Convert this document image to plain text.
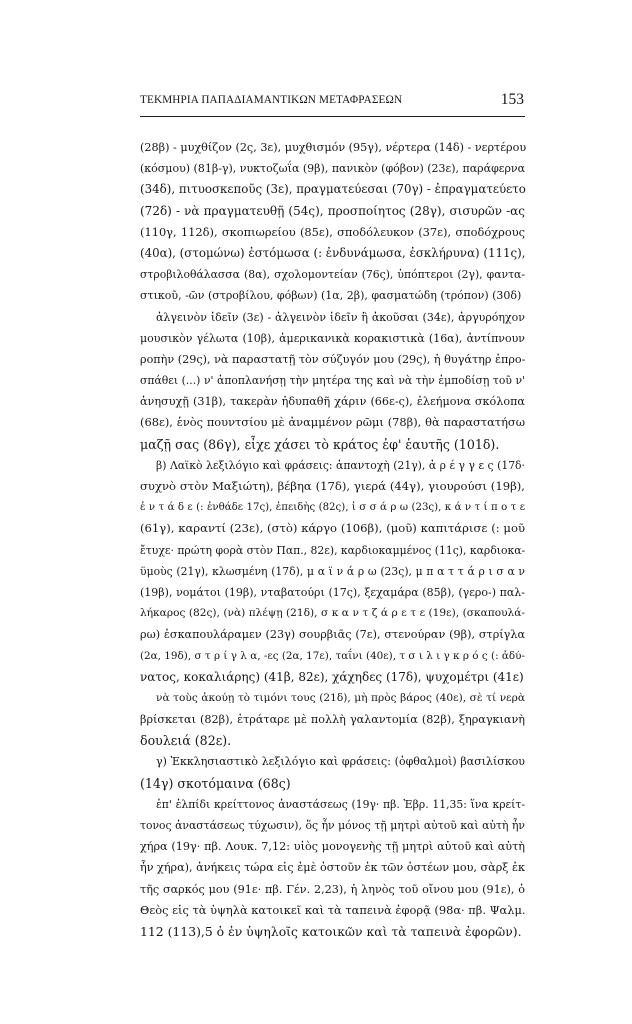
ΤΕΚΜΗΡΙΑ ΠΑΠΑΔΙΑΜΑΝΤΙΚΩΝ ΜΕΤΑΦΡΑΣΕΩΝ	153
(28β) - μυχθίζον (2ς, 3ε), μυχθισμόν (95γ), νέρτερα (14δ) - νερτέρου
(κόσμου) (81β-γ), νυκτοζωΐα (9β), πανικὸν (φόβον) (23ε), παράφερνα
(34δ), πιτυοσκεποῦς (3ε), πραγματεύεσαι (70γ) - ἐπραγματεύετο
(72δ) - νὰ πραγματευθῇ (54ς), προσποίητος (28γ), σισυρῶν -ας
(110γ, 112δ), σκοπιωρείου (85ε), σποδόλευκον (37ε), σποδόχρους
(40α), (στομώνω) ἐστόμωσα (: ἐνδυνάμωσα, ἐσκλήρυνα) (111ς),
στροβιλοθάλασσα (8α), σχολομοντείαν (76ς), ὑπόπτεροι (2γ), φαντα-
στικοῦ, -ῶν (στροβίλου, φόβων) (1α, 2β), φασματώδη (τρόπον) (30δ)
ἀλγεινὸν ἰδεῖν (3ε) - ἀλγεινὸν ἰδεῖν ἢ ἀκοῦσαι (34ε), ἀργυρόηχον
μουσικὸν γέλωτα (10β), ἀμερικανικὰ κορακιστικὰ (16α), ἀντίπνουν
ροπὴν (29ς), νὰ παραστατῇ τὸν σύζυγόν μου (29ς), ἡ θυγάτηρ ἐπρο-
σπάθει (...) ν' ἀποπλανήσῃ τὴν μητέρα της καὶ νὰ τὴν ἐμποδίσῃ τοῦ ν'
ἀνησυχῇ (31β), τακερὰν ἠδυπαθῆ χάριν (66ε-ς), ἐλεήμονα σκόλοπα
(68ε), ἑνὸς πουντσίου μὲ ἀναμμένον ρῶμι (78β), θὰ παραστατήσω
μαζῇ σας (86γ), εἶχε χάσει τὸ κράτος ἐφ' ἑαυτῆς (101δ).
β) Λαϊκὸ λεξιλόγιο καὶ φράσεις: ἀπαντοχὴ (21γ), ἀ ρ έ γ γ ε ς (17δ·
συχνὸ στὸν Μαξιώτη), βέβηα (17δ), γιερά (44γ), γιουρούσι (19β),
ἐ ν τ ά δ ε (: ἐνθάδε 17ς), ἐπειδὴς (82ς), ἰ σ σ ά ρ ω (23ς), κ ά ν τ ί π ο τ ε
(61γ), καραντί (23ε), (στὸ) κάργο (106β), (μοῦ) καπιτάρισε (: μοῦ
ἔτυχε· πρώτη φορὰ στὸν Παπ., 82ε), καρδιοκαμμένος (11ς), καρδιοκα-
ϋμοὺς (21γ), κλωσμένη (17δ), μ α ϊ ν ά ρ ω (23ς), μ π α τ τ ά ρ ι σ α ν
(19β), νομάτοι (19β), νταβατούρι (17ς), ξεχαμάρα (85β), (γερο-) παλ-
λήκαρος (82ς), (νὰ) πλέψῃ (21δ), σ κ α ν τ ζ ά ρ ε τ ε (19ε), (σκαπουλά-
ρω) ἐσκαπουλάραμεν (23γ) σουρβιᾶς (7ε), στενούραν (9β), στρίγλα
(2α, 19δ), σ τ ρ ί γ λ α, -ες (2α, 17ε), ταΐνι (40ε), τ σ ι λ ι γ κ ρ ό ς (: ἀδύ-
νατος, κοκαλιάρης) (41β, 82ε), χάχηδες (17δ), ψυχομέτρι (41ε)
νὰ τοὺς ἀκούῃ τὸ τιμόνι τους (21δ), μὴ πρὸς βάρος (40ε), σὲ τί νερὰ
βρίσκεται (82β), ἐτράταρε μὲ πολλὴ γαλαντομία (82β), ξηραγκιανὴ
δουλειά (82ε).
γ) Ἐκκλησιαστικὸ λεξιλόγιο καὶ φράσεις: (ὀφθαλμοὶ) βασιλίσκου
(14γ) σκοτόμαινα (68ς)
ἐπ' ἐλπίδι κρείττονος ἀναστάσεως (19γ· πβ. Ἑβρ. 11,35: ἵνα κρείτ-
τονος ἀναστάσεως τύχωσιν), ὅς ἦν μόνος τῇ μητρὶ αὐτοῦ καὶ αὐτὴ ἦν
χήρα (19γ· πβ. Λουκ. 7,12: υἱὸς μονογενὴς τῇ μητρὶ αὐτοῦ καὶ αὐτὴ
ἦν χήρα), ἀνήκεις τώρα εἰς ἐμὲ ὀστοῦν ἐκ τῶν ὀστέων μου, σὰρξ ἐκ
τῆς σαρκός μου (91ε· πβ. Γέν. 2,23), ἡ ληνὸς τοῦ οἴνου μου (91ε), ὁ
Θεὸς εἰς τὰ ὑψηλὰ κατοικεῖ καὶ τὰ ταπεινὰ ἐφορᾷ (98α· πβ. Ψαλμ.
112 (113),5 ὁ ἐν ὑψηλοῖς κατοικῶν καὶ τὰ ταπεινὰ ἐφορῶν).
